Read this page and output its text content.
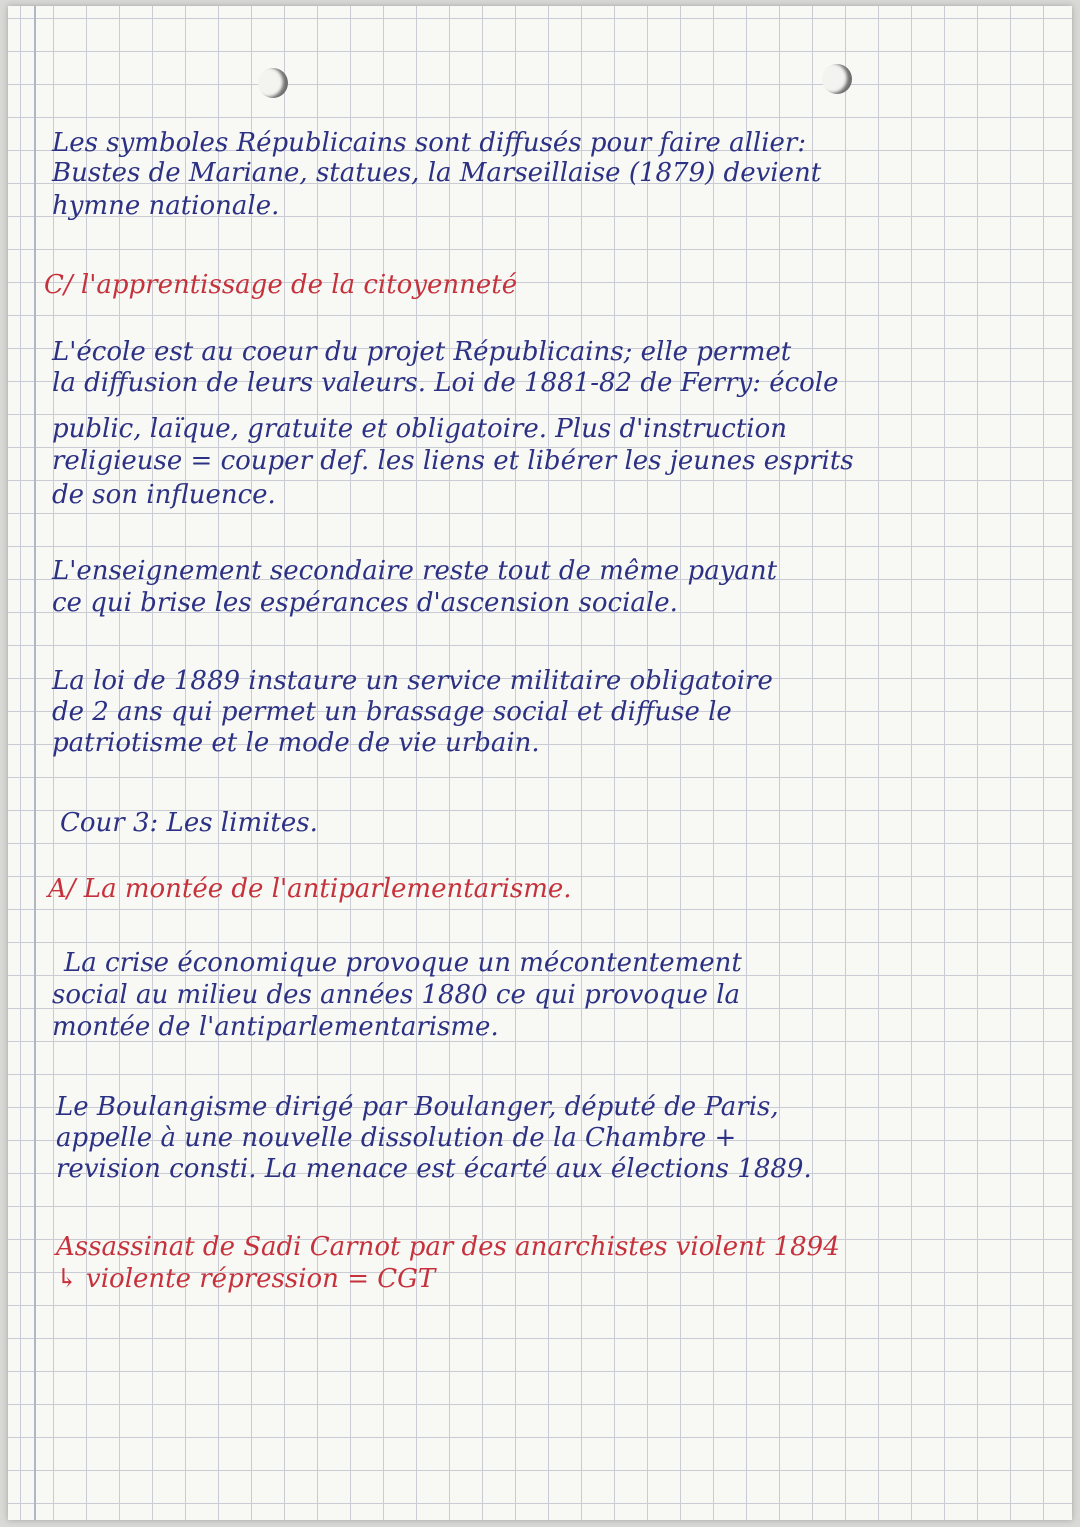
Les symboles Républicains sont diffusés pour faire allier:
Bustes de Mariane, statues, la Marseillaise (1879) devient
hymne nationale.
C/ l'apprentissage de la citoyenneté
L'école est au coeur du projet Républicains; elle permet
la diffusion de leurs valeurs. Loi de 1881-82 de Ferry: école
public, laïque, gratuite et obligatoire. Plus d'instruction
religieuse = couper def. les liens et libérer les jeunes esprits
de son influence.
L'enseignement secondaire reste tout de même payant
ce qui brise les espérances d'ascension sociale.
La loi de 1889 instaure un service militaire obligatoire
de 2 ans qui permet un brassage social et diffuse le
patriotisme et le mode de vie urbain.
Cour 3: Les limites.
A/ La montée de l'antiparlementarisme.
La crise économique provoque un mécontentement
social au milieu des années 1880 ce qui provoque la
montée de l'antiparlementarisme.
Le Boulangisme dirigé par Boulanger, député de Paris,
appelle à une nouvelle dissolution de la Chambre +
revision consti. La menace est écarté aux élections 1889.
Assassinat de Sadi Carnot par des anarchistes violent 1894
↳ violente répression = CGT
